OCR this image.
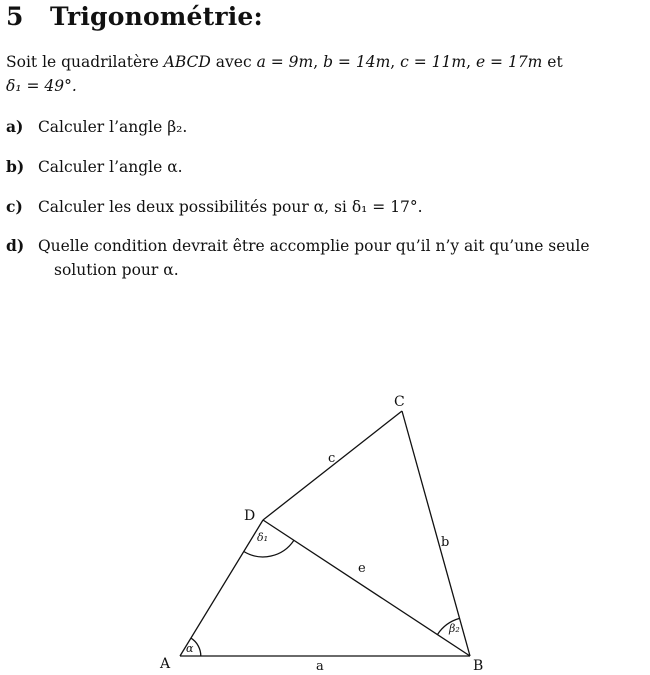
5 Trigonométrie:
Soit le quadrilatère ABCD avec a = 9m, b = 14m, c = 11m, e = 17m et
δ₁ = 49°.
a) Calculer l’angle β₂.
b) Calculer l’angle α.
c) Calculer les deux possibilités pour α, si δ₁ = 17°.
d) Quelle condition devrait être accomplie pour qu’il n’y ait qu’une seule
solution pour α.
A	B
C
D
a
b
c
e
α
β₂
δ₁
